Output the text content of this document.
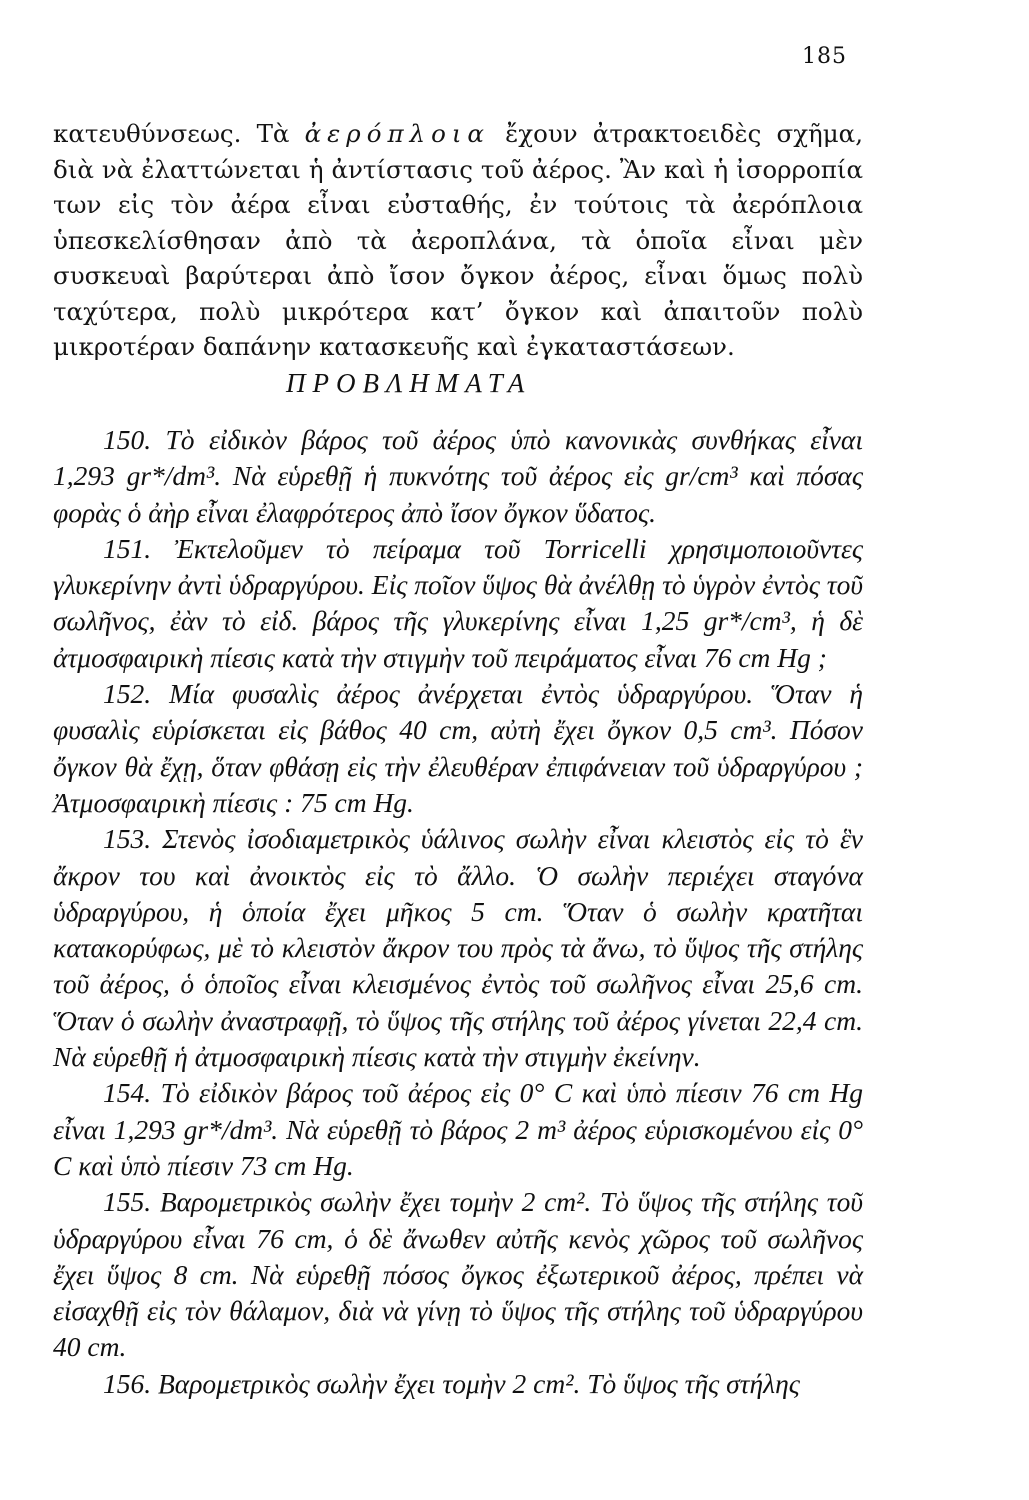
185
κατευθύνσεως. Τὰ ἀερόπλοια ἔχουν ἀτρακτοειδὲς σχῆμα, διὰ νὰ ἐλαττώνεται ἡ ἀντίστασις τοῦ ἀέρος. Ἂν καὶ ἡ ἰσορροπία των εἰς τὸν ἀέρα εἶναι εὐσταθής, ἐν τούτοις τὰ ἀερόπλοια ὑπεσκελίσθησαν ἀπὸ τὰ ἀεροπλάνα, τὰ ὁποῖα εἶναι μὲν συσκευαὶ βαρύτεραι ἀπὸ ἴσον ὄγκον ἀέρος, εἶναι ὅμως πολὺ ταχύτερα, πολὺ μικρότερα κατ’ ὄγκον καὶ ἀπαιτοῦν πολὺ μικροτέραν δαπάνην κατασκευῆς καὶ ἐγκαταστάσεων.
ΠΡΟΒΛΗΜΑΤΑ

150. Τὸ εἰδικὸν βάρος τοῦ ἀέρος ὑπὸ κανονικὰς συνθήκας εἶναι 1,293 gr*/dm³. Νὰ εὑρεθῇ ἡ πυκνότης τοῦ ἀέρος εἰς gr/cm³ καὶ πόσας φορὰς ὁ ἀὴρ εἶναι ἐλαφρότερος ἀπὸ ἴσον ὄγκον ὕδατος.

151. Ἐκτελοῦμεν τὸ πείραμα τοῦ Torricelli χρησιμοποιοῦντες γλυκερίνην ἀντὶ ὑδραργύρου. Εἰς ποῖον ὕψος θὰ ἀνέλθῃ τὸ ὑγρὸν ἐντὸς τοῦ σωλῆνος, ἐὰν τὸ εἰδ. βάρος τῆς γλυκερίνης εἶναι 1,25 gr*/cm³, ἡ δὲ ἀτμοσφαιρικὴ πίεσις κατὰ τὴν στιγμὴν τοῦ πειράματος εἶναι 76 cm Hg ;

152. Μία φυσαλὶς ἀέρος ἀνέρχεται ἐντὸς ὑδραργύρου. Ὅταν ἡ φυσαλὶς εὑρίσκεται εἰς βάθος 40 cm, αὐτὴ ἔχει ὄγκον 0,5 cm³. Πόσον ὄγκον θὰ ἔχῃ, ὅταν φθάσῃ εἰς τὴν ἐλευθέραν ἐπιφάνειαν τοῦ ὑδραργύρου ; Ἀτμοσφαιρικὴ πίεσις : 75 cm Hg.

153. Στενὸς ἰσοδιαμετρικὸς ὑάλινος σωλὴν εἶναι κλειστὸς εἰς τὸ ἓν ἄκρον του καὶ ἀνοικτὸς εἰς τὸ ἄλλο. Ὁ σωλὴν περιέχει σταγόνα ὑδραργύρου, ἡ ὁποία ἔχει μῆκος 5 cm. Ὅταν ὁ σωλὴν κρατῆται κατακορύφως, μὲ τὸ κλειστὸν ἄκρον του πρὸς τὰ ἄνω, τὸ ὕψος τῆς στήλης τοῦ ἀέρος, ὁ ὁποῖος εἶναι κλεισμένος ἐντὸς τοῦ σωλῆνος εἶναι 25,6 cm. Ὅταν ὁ σωλὴν ἀναστραφῇ, τὸ ὕψος τῆς στήλης τοῦ ἀέρος γίνεται 22,4 cm. Νὰ εὑρεθῇ ἡ ἀτμοσφαιρικὴ πίεσις κατὰ τὴν στιγμὴν ἐκείνην.

154. Τὸ εἰδικὸν βάρος τοῦ ἀέρος εἰς 0° C καὶ ὑπὸ πίεσιν 76 cm Hg εἶναι 1,293 gr*/dm³. Νὰ εὑρεθῇ τὸ βάρος 2 m³ ἀέρος εὑρισκομένου εἰς 0° C καὶ ὑπὸ πίεσιν 73 cm Hg.

155. Βαρομετρικὸς σωλὴν ἔχει τομὴν 2 cm². Τὸ ὕψος τῆς στήλης τοῦ ὑδραργύρου εἶναι 76 cm, ὁ δὲ ἄνωθεν αὐτῆς κενὸς χῶρος τοῦ σωλῆνος ἔχει ὕψος 8 cm. Νὰ εὑρεθῇ πόσος ὄγκος ἐξωτερικοῦ ἀέρος, πρέπει νὰ εἰσαχθῇ εἰς τὸν θάλαμον, διὰ νὰ γίνῃ τὸ ὕψος τῆς στήλης τοῦ ὑδραργύρου 40 cm.

156. Βαρομετρικὸς σωλὴν ἔχει τομὴν 2 cm². Τὸ ὕψος τῆς στήλης
